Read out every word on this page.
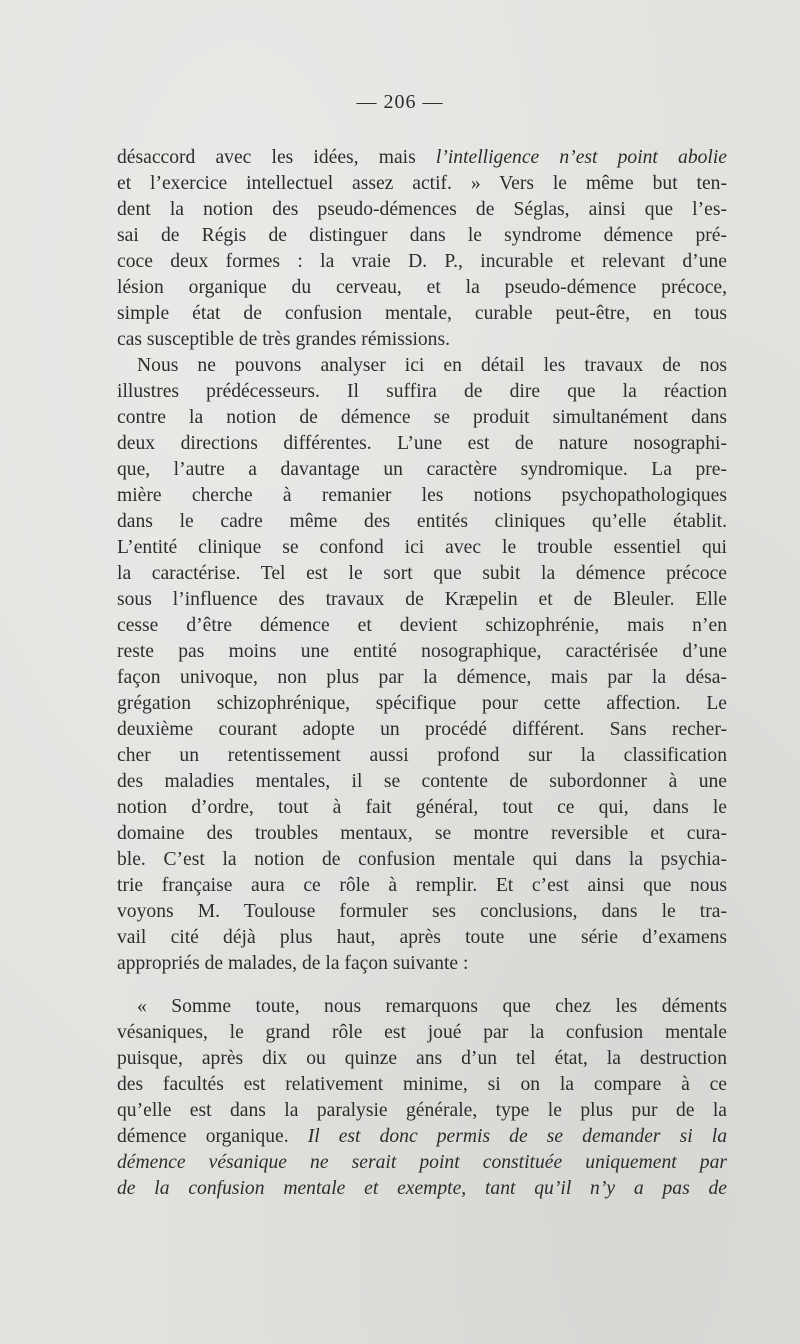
— 206 —
désaccord avec les idées, mais l’intelligence n’est point abolie
et l’exercice intellectuel assez actif. » Vers le même but ten-
dent la notion des pseudo-démences de Séglas, ainsi que l’es-
sai de Régis de distinguer dans le syndrome démence pré-
coce deux formes : la vraie D. P., incurable et relevant d’une
lésion organique du cerveau, et la pseudo-démence précoce,
simple état de confusion mentale, curable peut-être, en tous
cas susceptible de très grandes rémissions.
Nous ne pouvons analyser ici en détail les travaux de nos
illustres prédécesseurs. Il suffira de dire que la réaction
contre la notion de démence se produit simultanément dans
deux directions différentes. L’une est de nature nosographi-
que, l’autre a davantage un caractère syndromique. La pre-
mière cherche à remanier les notions psychopathologiques
dans le cadre même des entités cliniques qu’elle établit.
L’entité clinique se confond ici avec le trouble essentiel qui
la caractérise. Tel est le sort que subit la démence précoce
sous l’influence des travaux de Kræpelin et de Bleuler. Elle
cesse d’être démence et devient schizophrénie, mais n’en
reste pas moins une entité nosographique, caractérisée d’une
façon univoque, non plus par la démence, mais par la désa-
grégation schizophrénique, spécifique pour cette affection. Le
deuxième courant adopte un procédé différent. Sans recher-
cher un retentissement aussi profond sur la classification
des maladies mentales, il se contente de subordonner à une
notion d’ordre, tout à fait général, tout ce qui, dans le
domaine des troubles mentaux, se montre reversible et cura-
ble. C’est la notion de confusion mentale qui dans la psychia-
trie française aura ce rôle à remplir. Et c’est ainsi que nous
voyons M. Toulouse formuler ses conclusions, dans le tra-
vail cité déjà plus haut, après toute une série d’examens
appropriés de malades, de la façon suivante :
« Somme toute, nous remarquons que chez les déments
vésaniques, le grand rôle est joué par la confusion mentale
puisque, après dix ou quinze ans d’un tel état, la destruction
des facultés est relativement minime, si on la compare à ce
qu’elle est dans la paralysie générale, type le plus pur de la
démence organique. Il est donc permis de se demander si la
démence vésanique ne serait point constituée uniquement par
de la confusion mentale et exempte, tant qu’il n’y a pas de
